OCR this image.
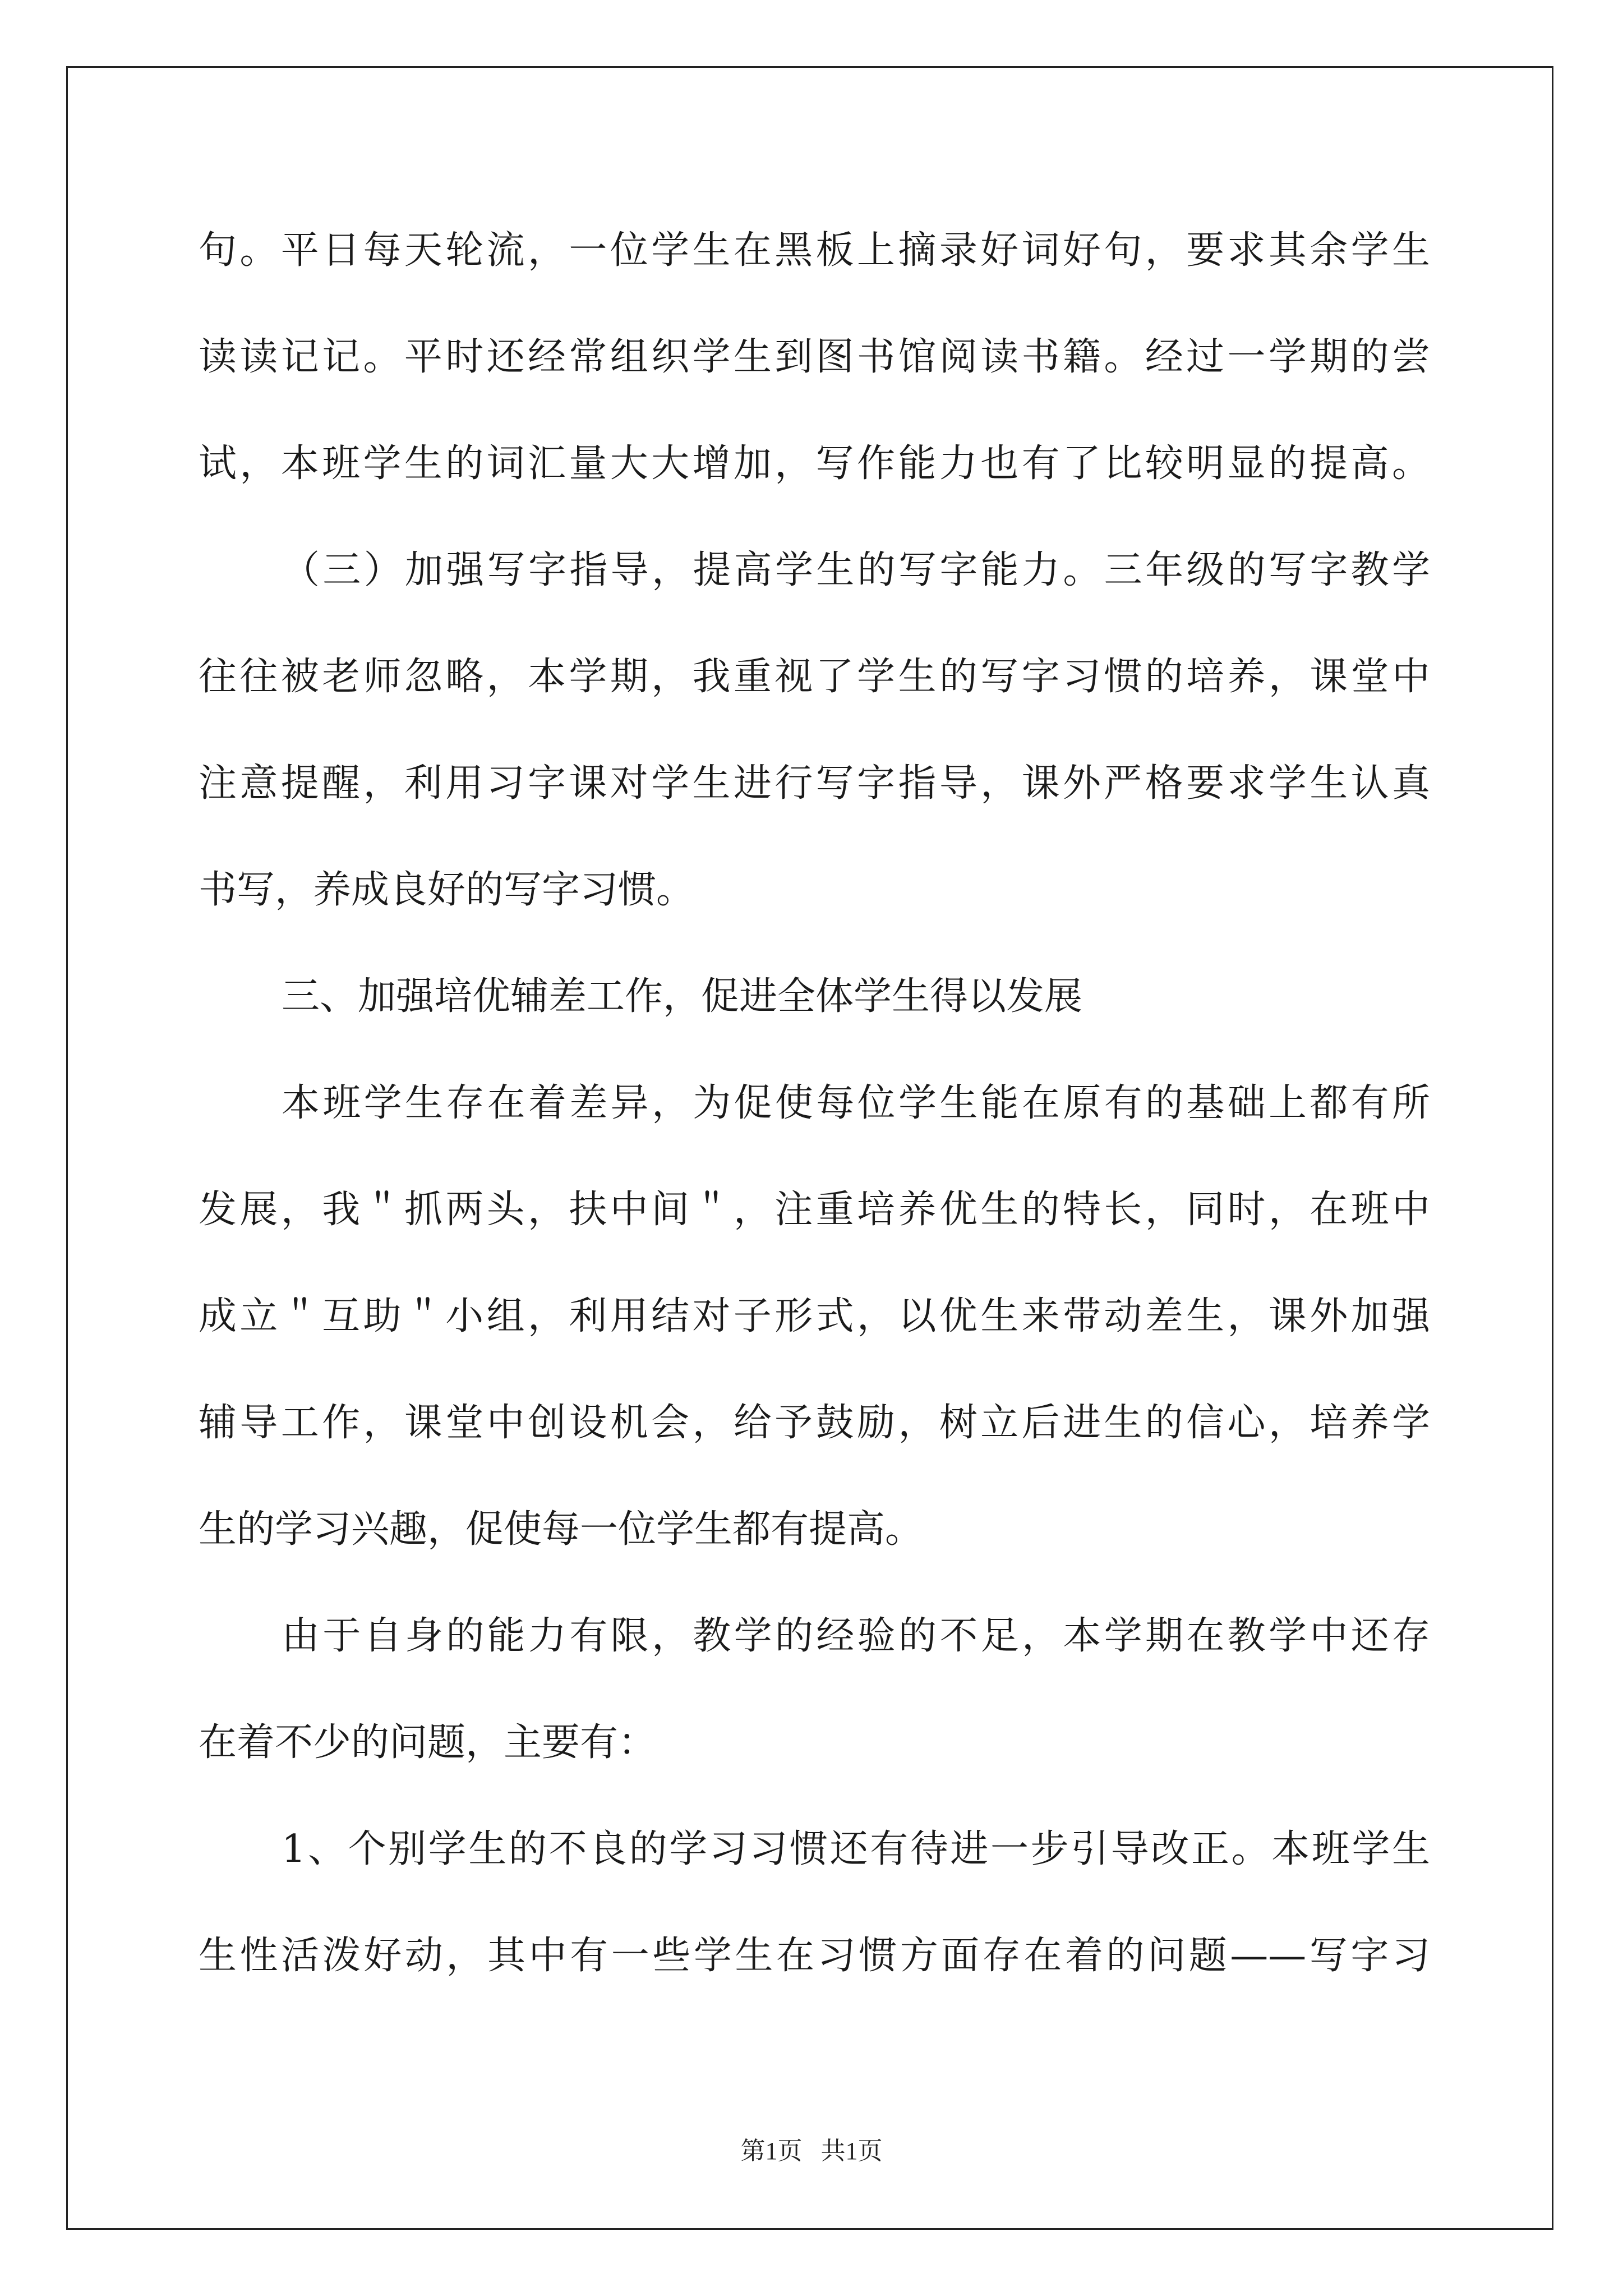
句。平日每天轮流，一位学生在黑板上摘录好词好句，要求其余学生
读读记记。平时还经常组织学生到图书馆阅读书籍。经过一学期的尝
试，本班学生的词汇量大大增加，写作能力也有了比较明显的提高。
（三）加强写字指导，提高学生的写字能力。三年级的写字教学
往往被老师忽略，本学期，我重视了学生的写字习惯的培养，课堂中
注意提醒，利用习字课对学生进行写字指导，课外严格要求学生认真
书写，养成良好的写字习惯。
三、加强培优辅差工作，促进全体学生得以发展
本班学生存在着差异，为促使每位学生能在原有的基础上都有所
发展，我＂抓两头，扶中间＂，注重培养优生的特长，同时，在班中
成立＂互助＂小组，利用结对子形式，以优生来带动差生，课外加强
辅导工作，课堂中创设机会，给予鼓励，树立后进生的信心，培养学
生的学习兴趣，促使每一位学生都有提高。
由于自身的能力有限，教学的经验的不足，本学期在教学中还存
在着不少的问题，主要有：
1、个别学生的不良的学习习惯还有待进一步引导改正。本班学生
生性活泼好动，其中有一些学生在习惯方面存在着的问题——写字习
第1页   共1页
